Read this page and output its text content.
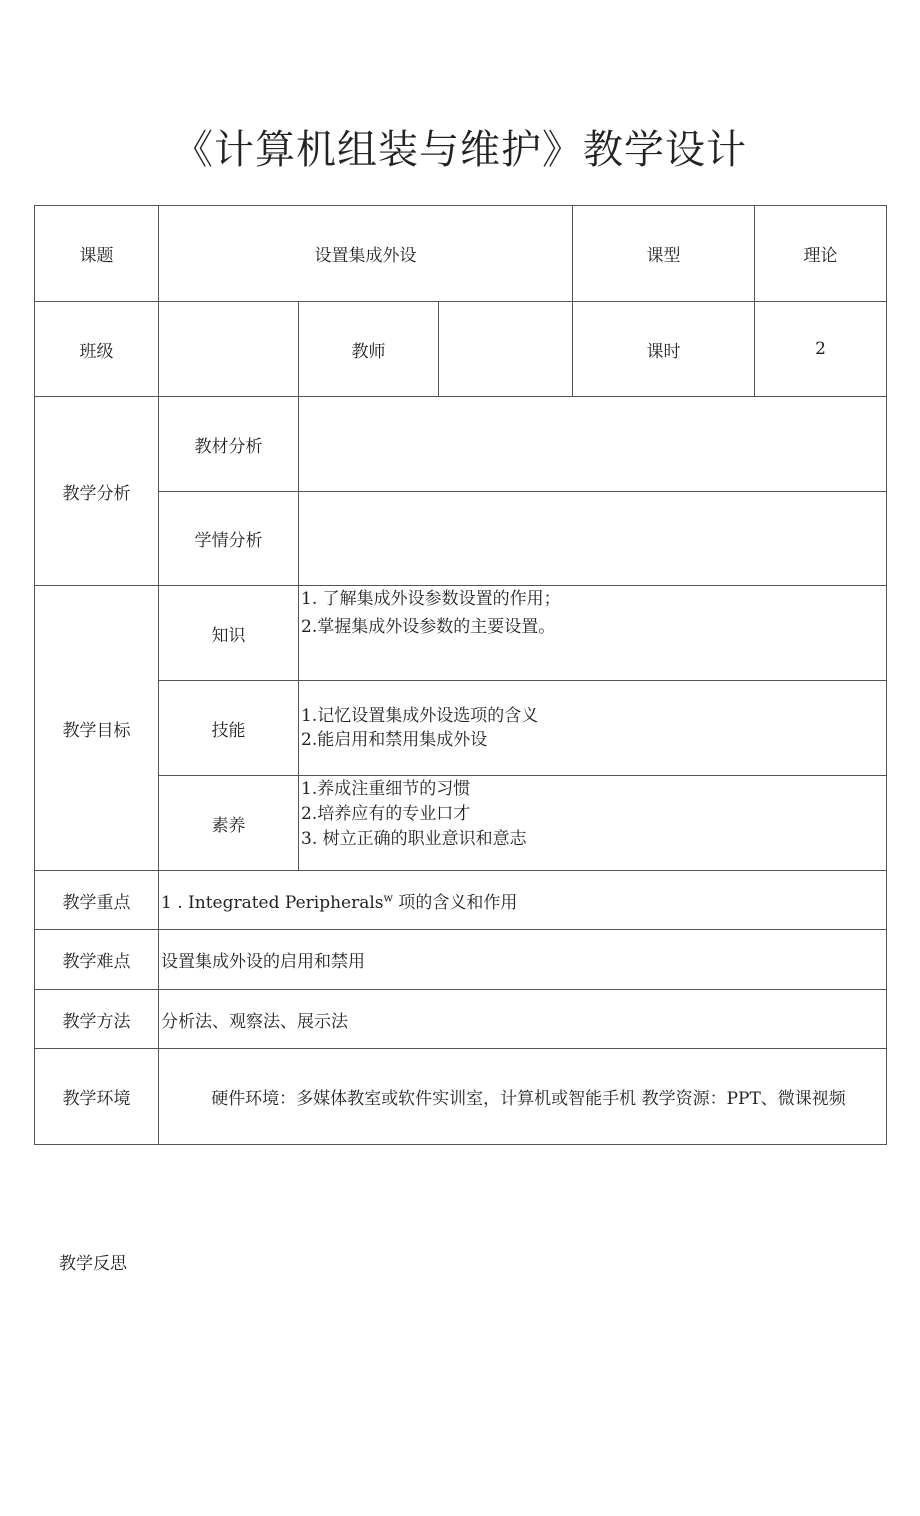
《计算机组装与维护》教学设计
课题	设置集成外设			课型	理论
班级		教师		课时	2
教学分析	教材分析				
	学情分析				
教学目标	知识	1. 了解集成外设参数设置的作用；
2.掌握集成外设参数的主要设置。			

	技能	1.记忆设置集成外设选项的含义
2.能启用和禁用集成外设			

	素养	1.养成注重细节的习惯
2.培养应有的专业口才
3. 树立正确的职业意识和意志			

教学重点	1 . Integrated Peripherals$^w$ 项的含义和作用				
教学难点	设置集成外设的启用和禁用				
教学方法	分析法、观察法、展示法				
教学环境	硬件环境：多媒体教室或软件实训室，计算机或智能手机 教学资源：PPT、微课视频				

教学反思
